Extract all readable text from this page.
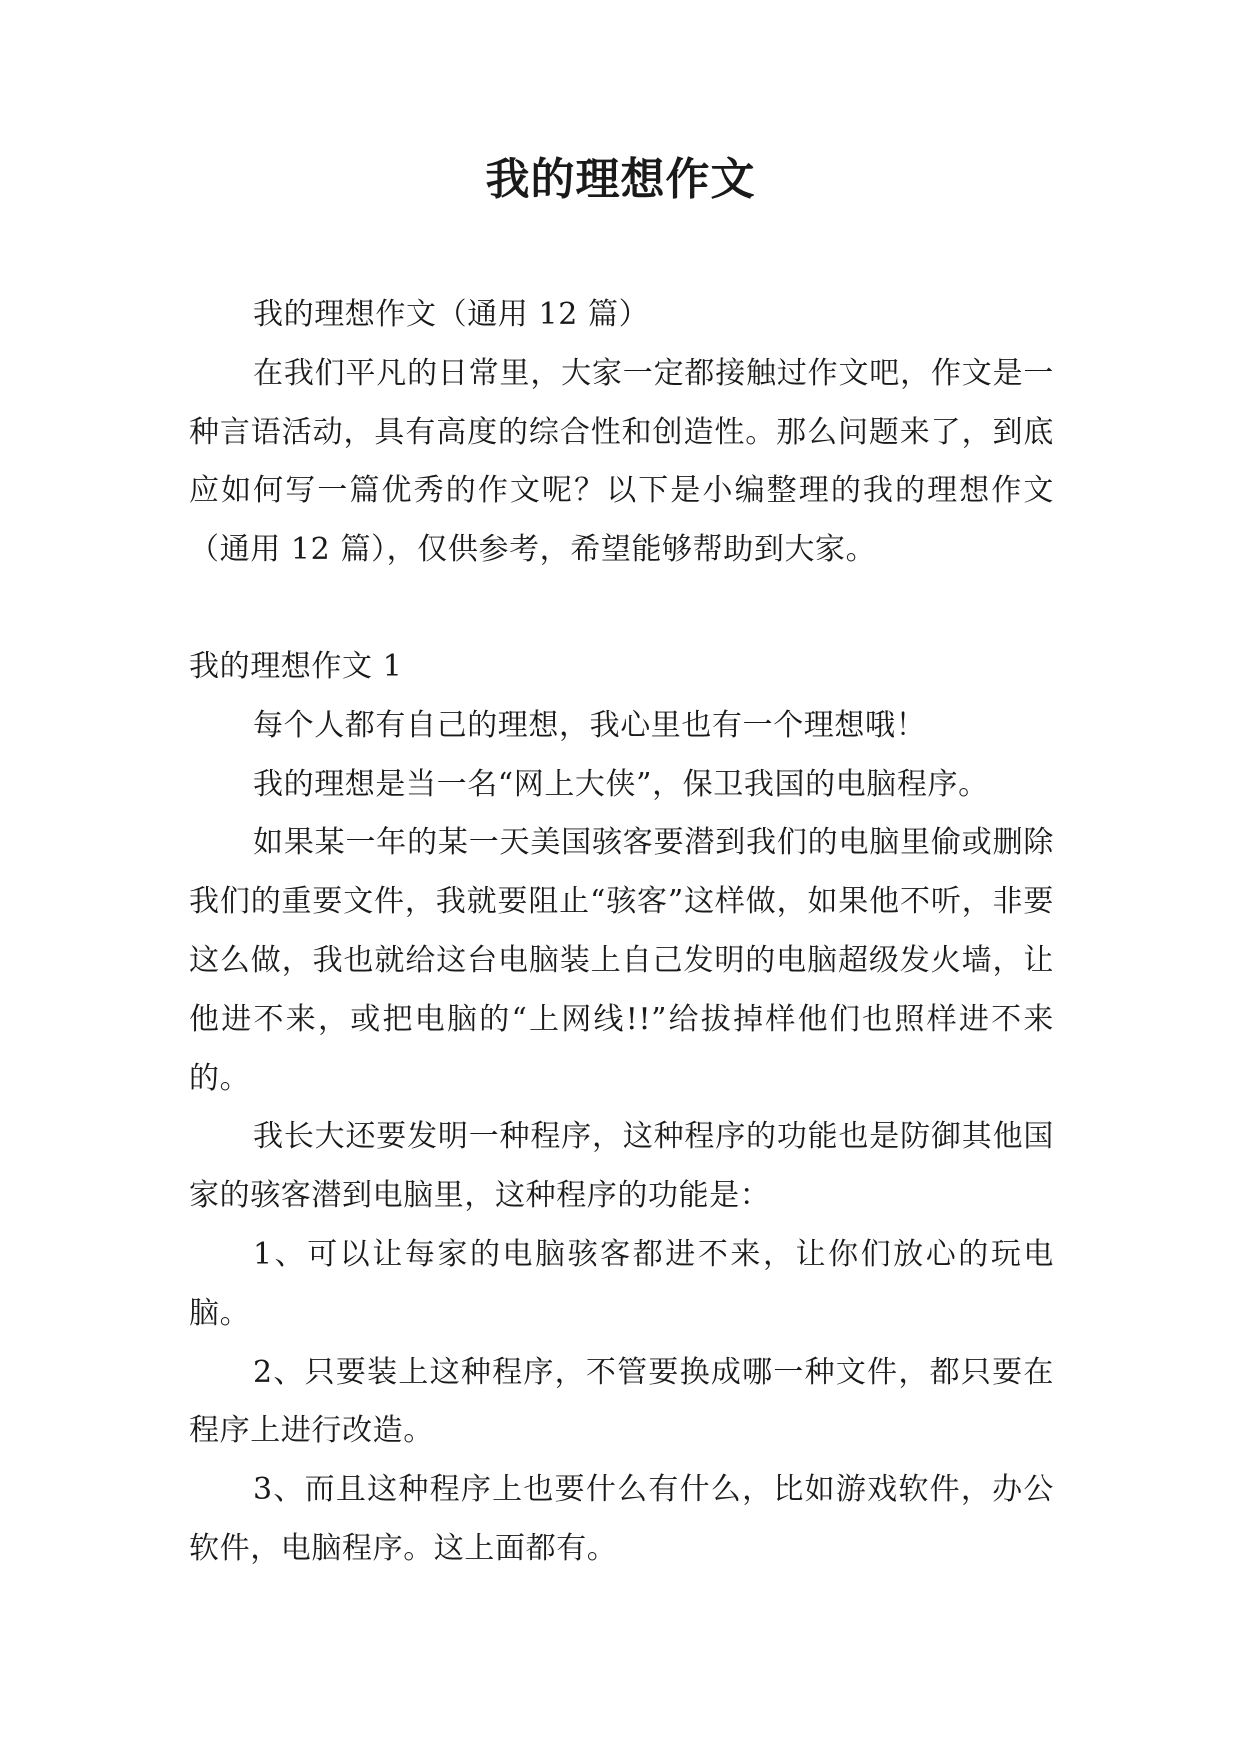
我的理想作文

我的理想作文（通用 12 篇）

在我们平凡的日常里，大家一定都接触过作文吧，作文是一种言语活动，具有高度的综合性和创造性。那么问题来了，到底应如何写一篇优秀的作文呢？以下是小编整理的我的理想作文（通用 12 篇），仅供参考，希望能够帮助到大家。

我的理想作文 1

每个人都有自己的理想，我心里也有一个理想哦！

我的理想是当一名“网上大侠”，保卫我国的电脑程序。

如果某一年的某一天美国骇客要潜到我们的电脑里偷或删除我们的重要文件，我就要阻止“骇客”这样做，如果他不听，非要这么做，我也就给这台电脑装上自己发明的电脑超级发火墙，让他进不来，或把电脑的“上网线!!”给拔掉样他们也照样进不来的。

我长大还要发明一种程序，这种程序的功能也是防御其他国家的骇客潜到电脑里，这种程序的功能是：

1、可以让每家的电脑骇客都进不来，让你们放心的玩电脑。

2、只要装上这种程序，不管要换成哪一种文件，都只要在程序上进行改造。

3、而且这种程序上也要什么有什么，比如游戏软件，办公软件，电脑程序。这上面都有。
